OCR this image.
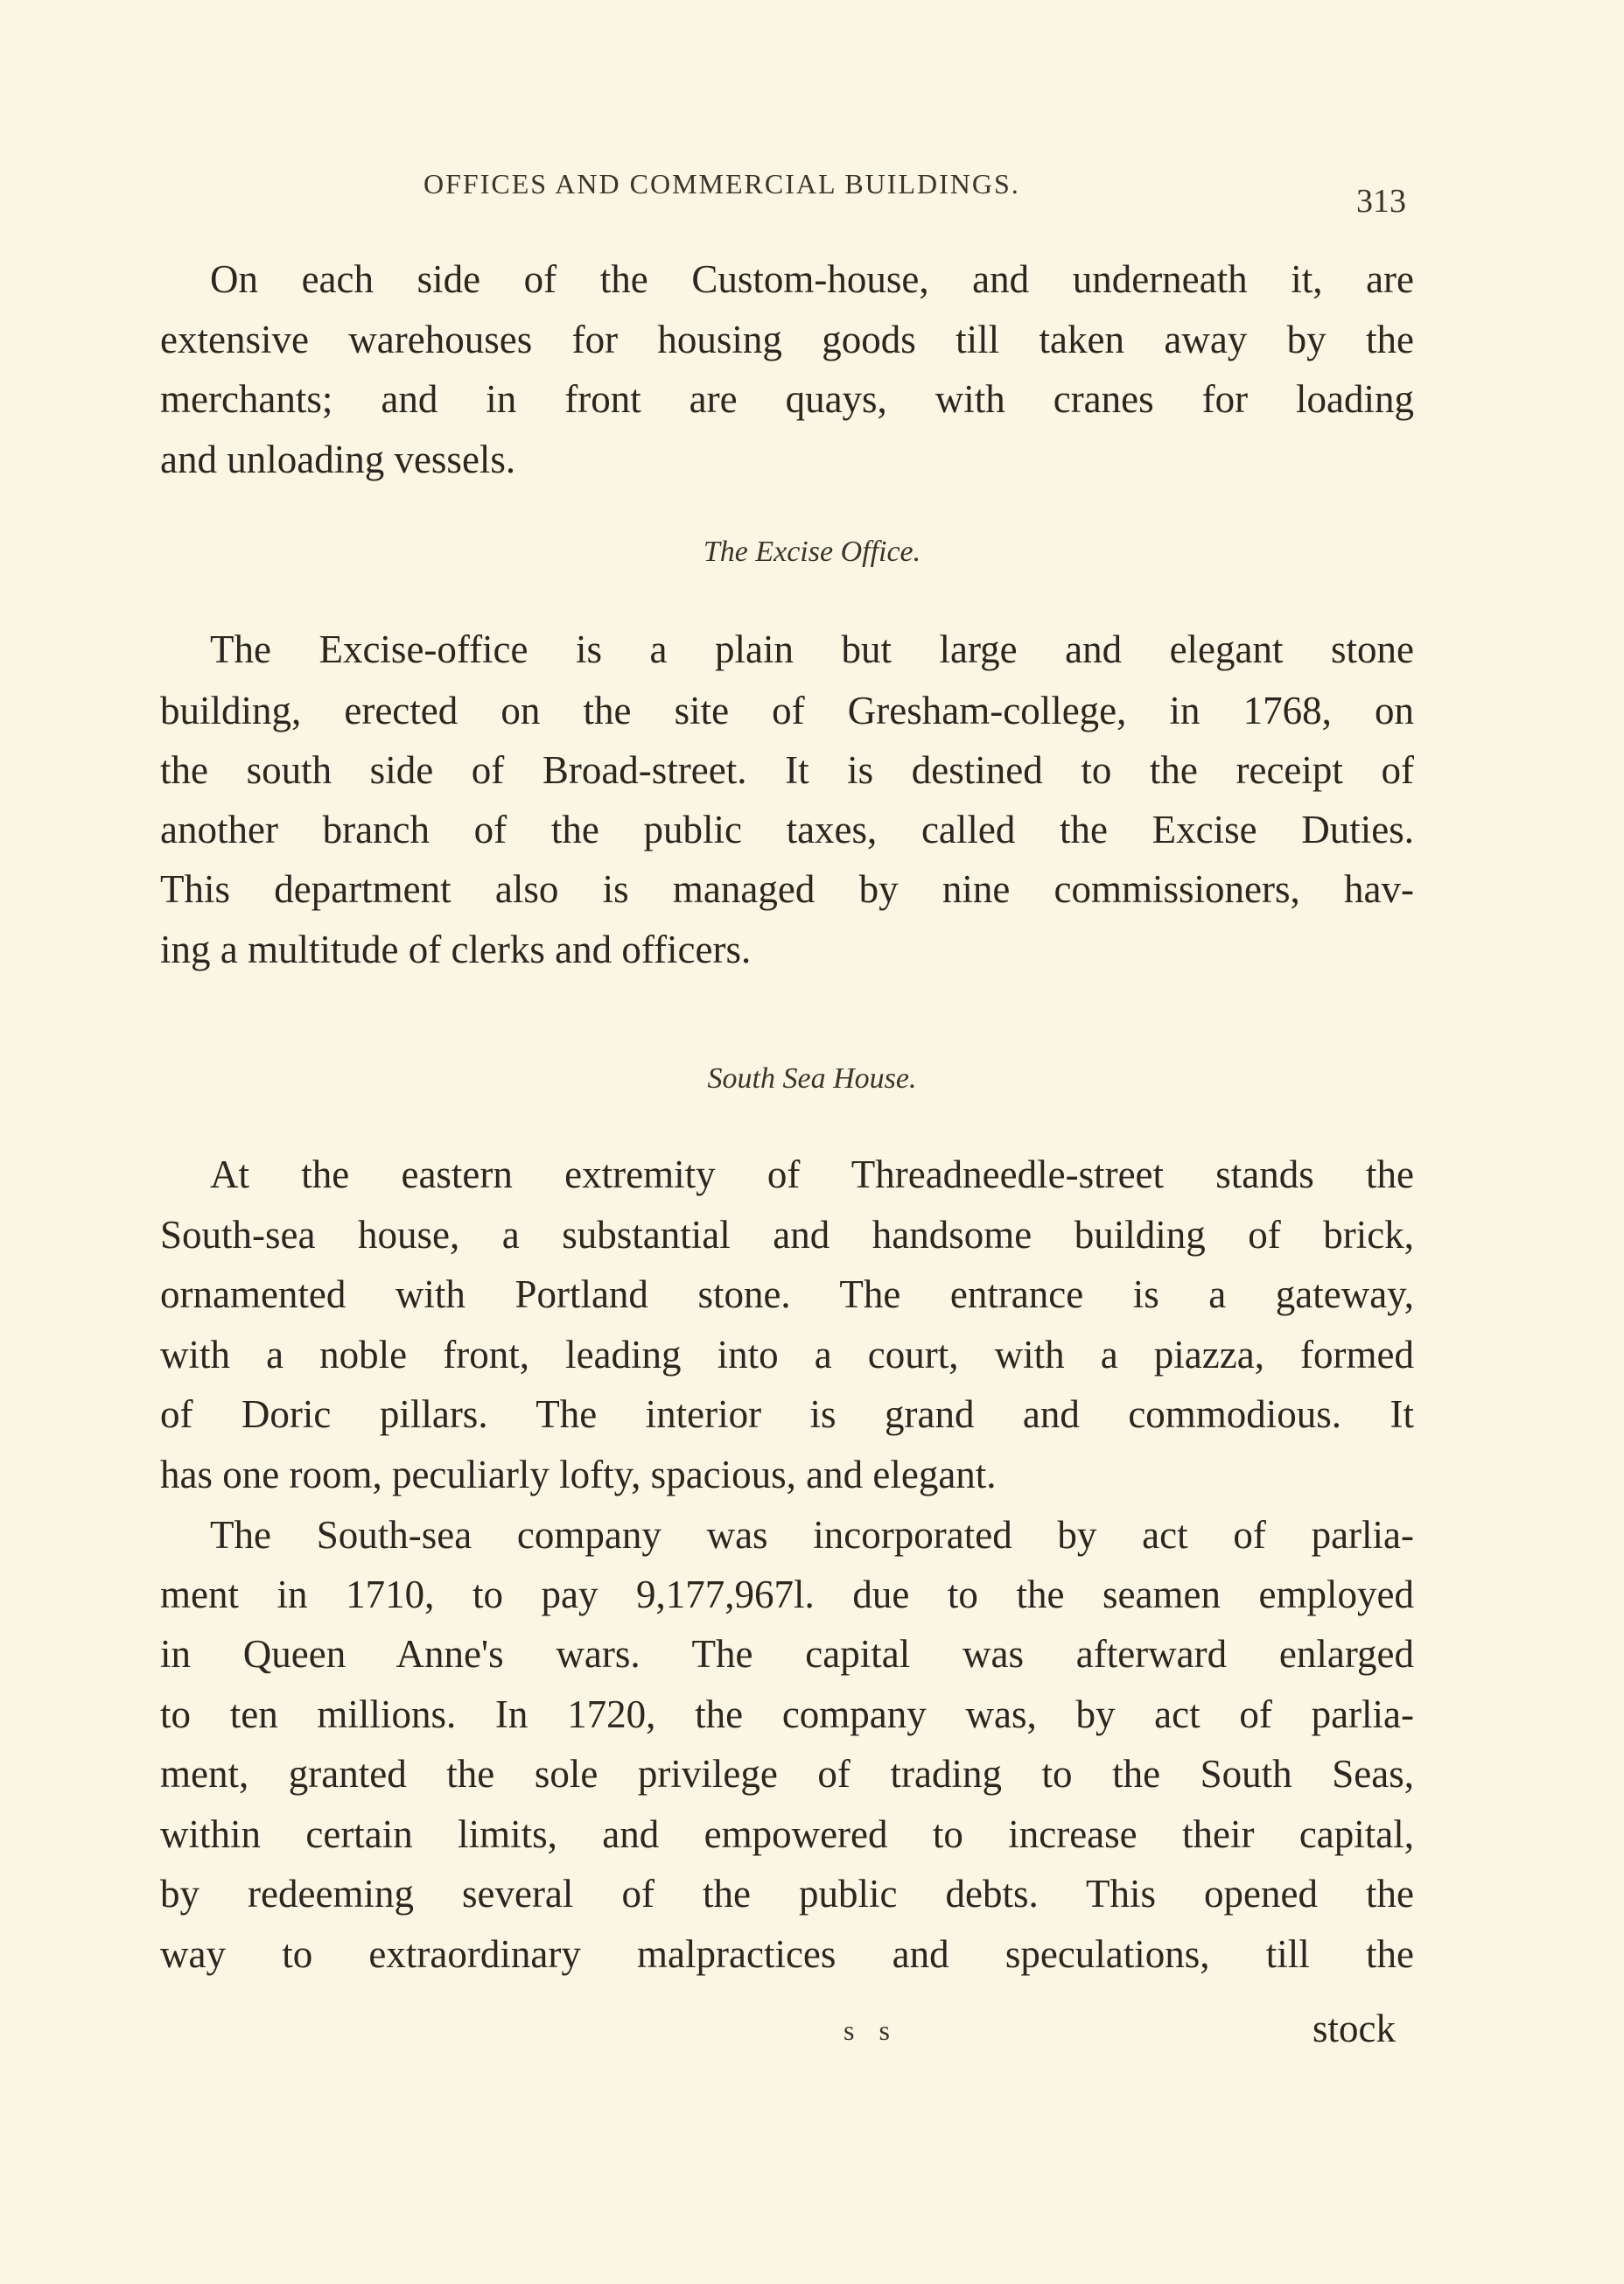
OFFICES AND COMMERCIAL BUILDINGS.	313
On each side of the Custom-house, and underneath it, are
extensive warehouses for housing goods till taken away by the
merchants; and in front are quays, with cranes for loading
and unloading vessels.
The Excise Office.
The Excise-office is a plain but large and elegant stone
building, erected on the site of Gresham-college, in 1768, on
the south side of Broad-street. It is destined to the receipt of
another branch of the public taxes, called the Excise Duties.
This department also is managed by nine commissioners, hav-
ing a multitude of clerks and officers.
South Sea House.
At the eastern extremity of Threadneedle-street stands the
South-sea house, a substantial and handsome building of brick,
ornamented with Portland stone. The entrance is a gateway,
with a noble front, leading into a court, with a piazza, formed
of Doric pillars. The interior is grand and commodious. It
has one room, peculiarly lofty, spacious, and elegant.
The South-sea company was incorporated by act of parlia-
ment in 1710, to pay 9,177,967l. due to the seamen employed
in Queen Anne's wars. The capital was afterward enlarged
to ten millions. In 1720, the company was, by act of parlia-
ment, granted the sole privilege of trading to the South Seas,
within certain limits, and empowered to increase their capital,
by redeeming several of the public debts. This opened the
way to extraordinary malpractices and speculations, till the
s s	stock
